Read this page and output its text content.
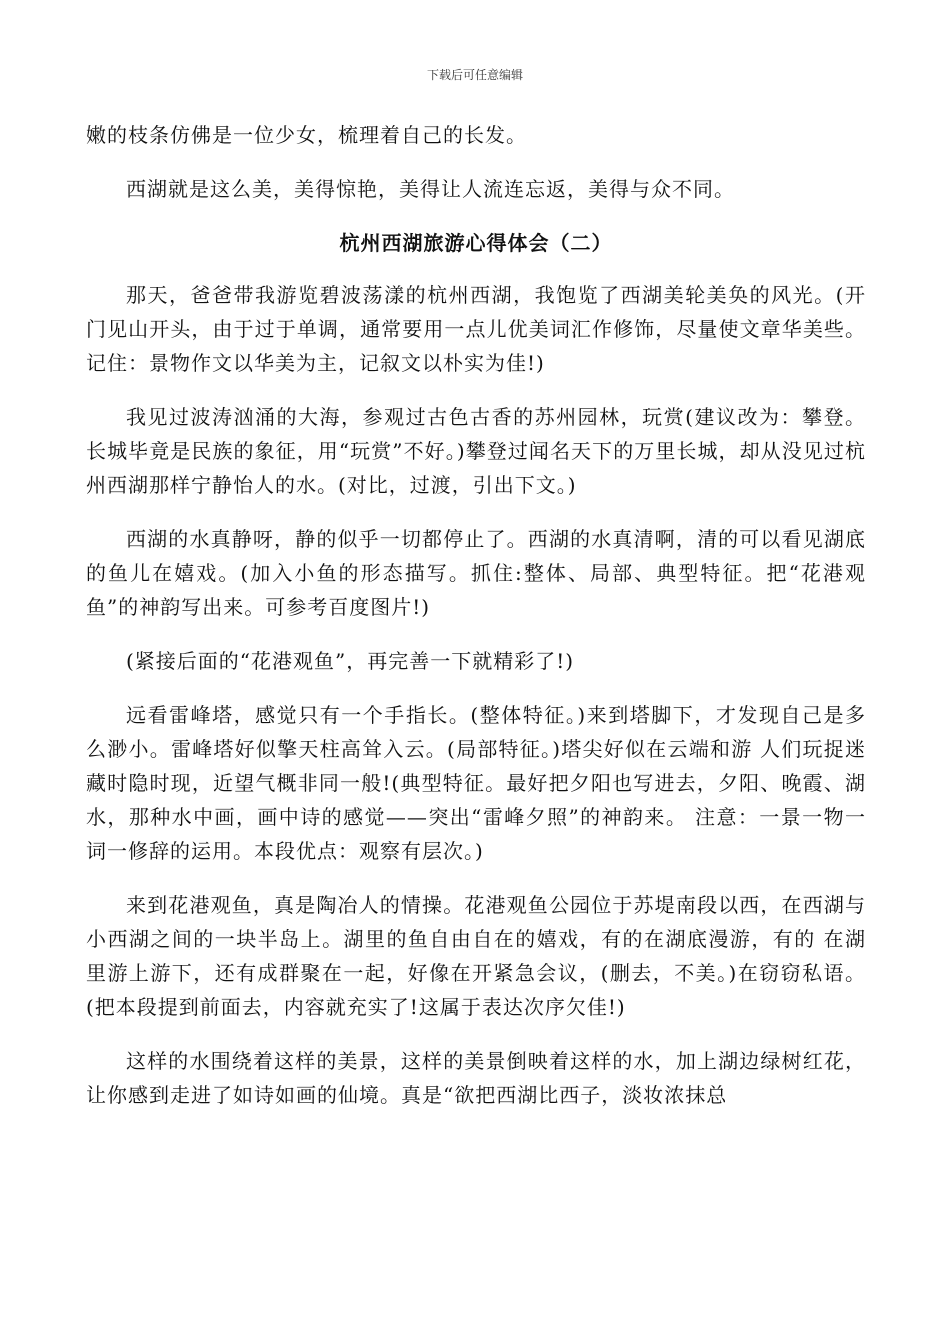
下载后可任意编辑

嫩的枝条仿佛是一位少女，梳理着自己的长发。

西湖就是这么美，美得惊艳，美得让人流连忘返，美得与众不同。

杭州西湖旅游心得体会（二）

那天，爸爸带我游览碧波荡漾的杭州西湖，我饱览了西湖美轮美奂的风光。(开门见山开头，由于过于单调，通常要用一点儿优美词汇作修饰，尽量使文章华美些。记住：景物作文以华美为主，记叙文以朴实为佳!)

我见过波涛汹涌的大海，参观过古色古香的苏州园林，玩赏(建议改为：攀登。长城毕竟是民族的象征，用“玩赏”不好。)攀登过闻名天下的万里长城，却从没见过杭州西湖那样宁静怡人的水。(对比，过渡，引出下文。)

西湖的水真静呀，静的似乎一切都停止了。西湖的水真清啊，清的可以看见湖底的鱼儿在嬉戏。(加入小鱼的形态描写。抓住:整体、局部、典型特征。把“花港观鱼”的神韵写出来。可参考百度图片!)

(紧接后面的“花港观鱼”，再完善一下就精彩了!)

远看雷峰塔，感觉只有一个手指长。(整体特征。)来到塔脚下，才发现自己是多么渺小。雷峰塔好似擎天柱高耸入云。(局部特征。)塔尖好似在云端和游 人们玩捉迷藏时隐时现，近望气概非同一般!(典型特征。最好把夕阳也写进去，夕阳、晚霞、湖水，那种水中画，画中诗的感觉——突出“雷峰夕照”的神韵来。 注意：一景一物一词一修辞的运用。本段优点：观察有层次。)

来到花港观鱼，真是陶冶人的情操。花港观鱼公园位于苏堤南段以西，在西湖与小西湖之间的一块半岛上。湖里的鱼自由自在的嬉戏，有的在湖底漫游，有的 在湖里游上游下，还有成群聚在一起，好像在开紧急会议，(删去，不美。)在窃窃私语。(把本段提到前面去，内容就充实了!这属于表达次序欠佳!)

这样的水围绕着这样的美景，这样的美景倒映着这样的水，加上湖边绿树红花，让你感到走进了如诗如画的仙境。真是“欲把西湖比西子，淡妆浓抹总
